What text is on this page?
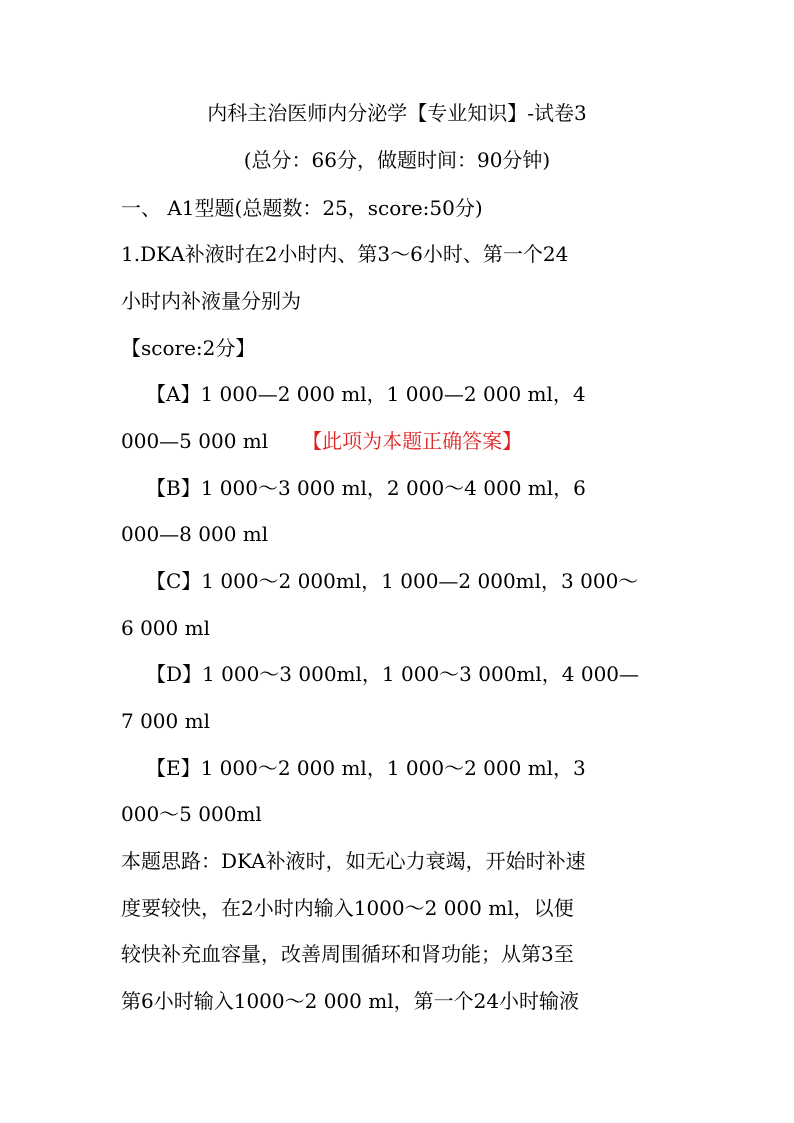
内科主治医师内分泌学【专业知识】-试卷3
(总分：66分，做题时间：90分钟)
一、 A1型题(总题数：25，score:50分)
1.DKA补液时在2小时内、第3～6小时、第一个24
小时内补液量分别为
【score:2分】
【A】1 000—2 000 ml，1 000—2 000 ml，4
000—5 000 ml 【此项为本题正确答案】
【B】1 000～3 000 ml，2 000～4 000 ml，6
000—8 000 ml
【C】1 000～2 000ml，1 000—2 000ml，3 000～
6 000 ml
【D】1 000～3 000ml，1 000～3 000ml，4 000—
7 000 ml
【E】1 000～2 000 ml，1 000～2 000 ml，3
000～5 000ml
本题思路：DKA补液时，如无心力衰竭，开始时补速
度要较快，在2小时内输入1000～2 000 ml，以便
较快补充血容量，改善周围循环和肾功能；从第3至
第6小时输入1000～2 000 ml，第一个24小时输液
